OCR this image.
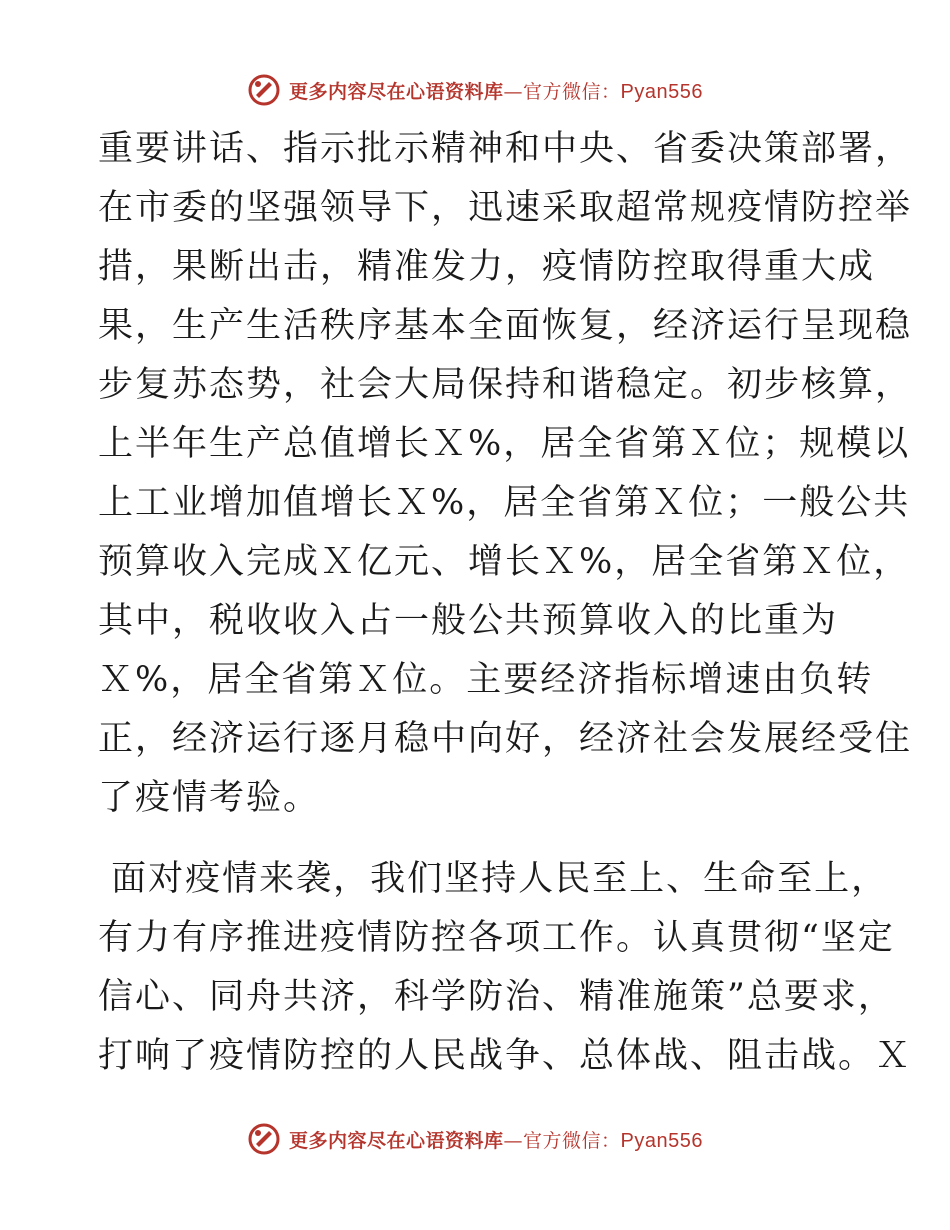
更多内容尽在心语资料库—官方微信：Pyan556
重要讲话、指示批示精神和中央、省委决策部署，
在市委的坚强领导下，迅速采取超常规疫情防控举
措，果断出击，精准发力，疫情防控取得重大成
果，生产生活秩序基本全面恢复，经济运行呈现稳
步复苏态势，社会大局保持和谐稳定。初步核算，
上半年生产总值增长Ｘ%，居全省第Ｘ位；规模以
上工业增加值增长Ｘ%，居全省第Ｘ位；一般公共
预算收入完成Ｘ亿元、增长Ｘ%，居全省第Ｘ位，
其中，税收收入占一般公共预算收入的比重为
Ｘ%，居全省第Ｘ位。主要经济指标增速由负转
正，经济运行逐月稳中向好，经济社会发展经受住
了疫情考验。
面对疫情来袭，我们坚持人民至上、生命至上，
有力有序推进疫情防控各项工作。认真贯彻“坚定
信心、同舟共济，科学防治、精准施策”总要求，
打响了疫情防控的人民战争、总体战、阻击战。Ｘ
更多内容尽在心语资料库—官方微信：Pyan556
